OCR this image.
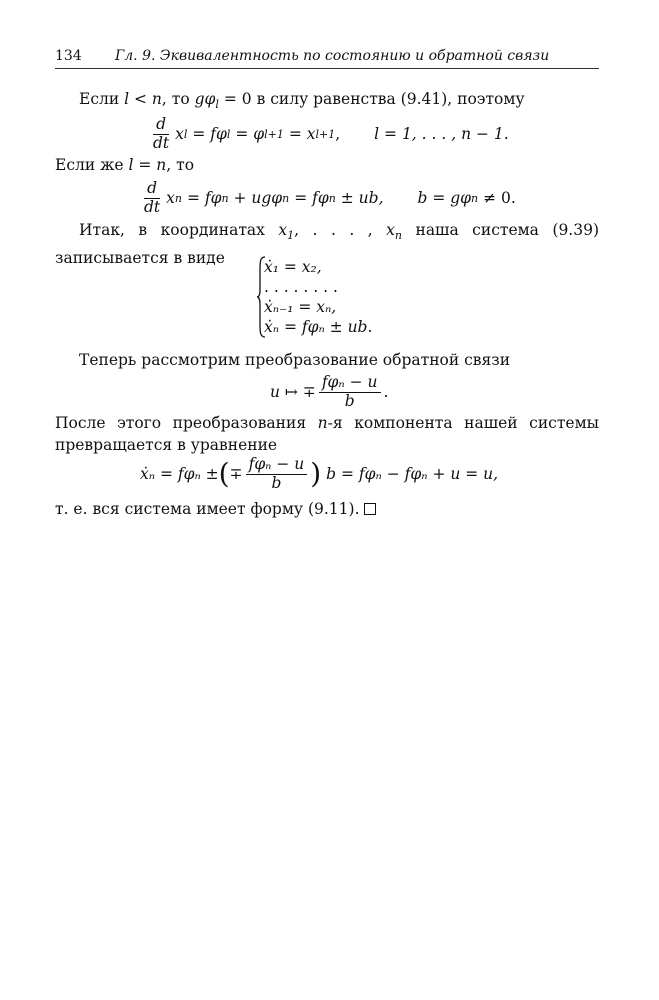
134 Гл. 9. Эквивалентность по состоянию и обратной связи
Если l < n, то $g\varphi_l = 0$ в силу равенства (9.41), поэтому
$\frac{d}{dt}$ x l
= fφ l
= φ l+1
= x l+1 , l = 1, . . . , n − 1.
Если же l = n, то
$\frac{d}{dt}$ x n
= fφ n
+ ugφ n
= fφ n
± ub, b = gφ n
≠ 0.
Итак, в координатах $x_1$, . . . , $x_n$ наша система (9.39) записывается в виде	ẋ₁ = x₂,
. . . . . . . .
ẋₙ₋₁ = xₙ,
ẋₙ = fφₙ ± ub.
Теперь рассмотрим преобразование обратной связи
u ↦ ∓ $\frac{\text{fφₙ − u}}{b}$ .
После этого преобразования n-я компонента нашей системы превращается в уравнение
ẋₙ = fφₙ ± ( ∓ $\frac{\text{fφₙ − u}}{b}$ )
b = fφₙ − fφₙ + u = u,
т. е. вся система имеет форму (9.11).
